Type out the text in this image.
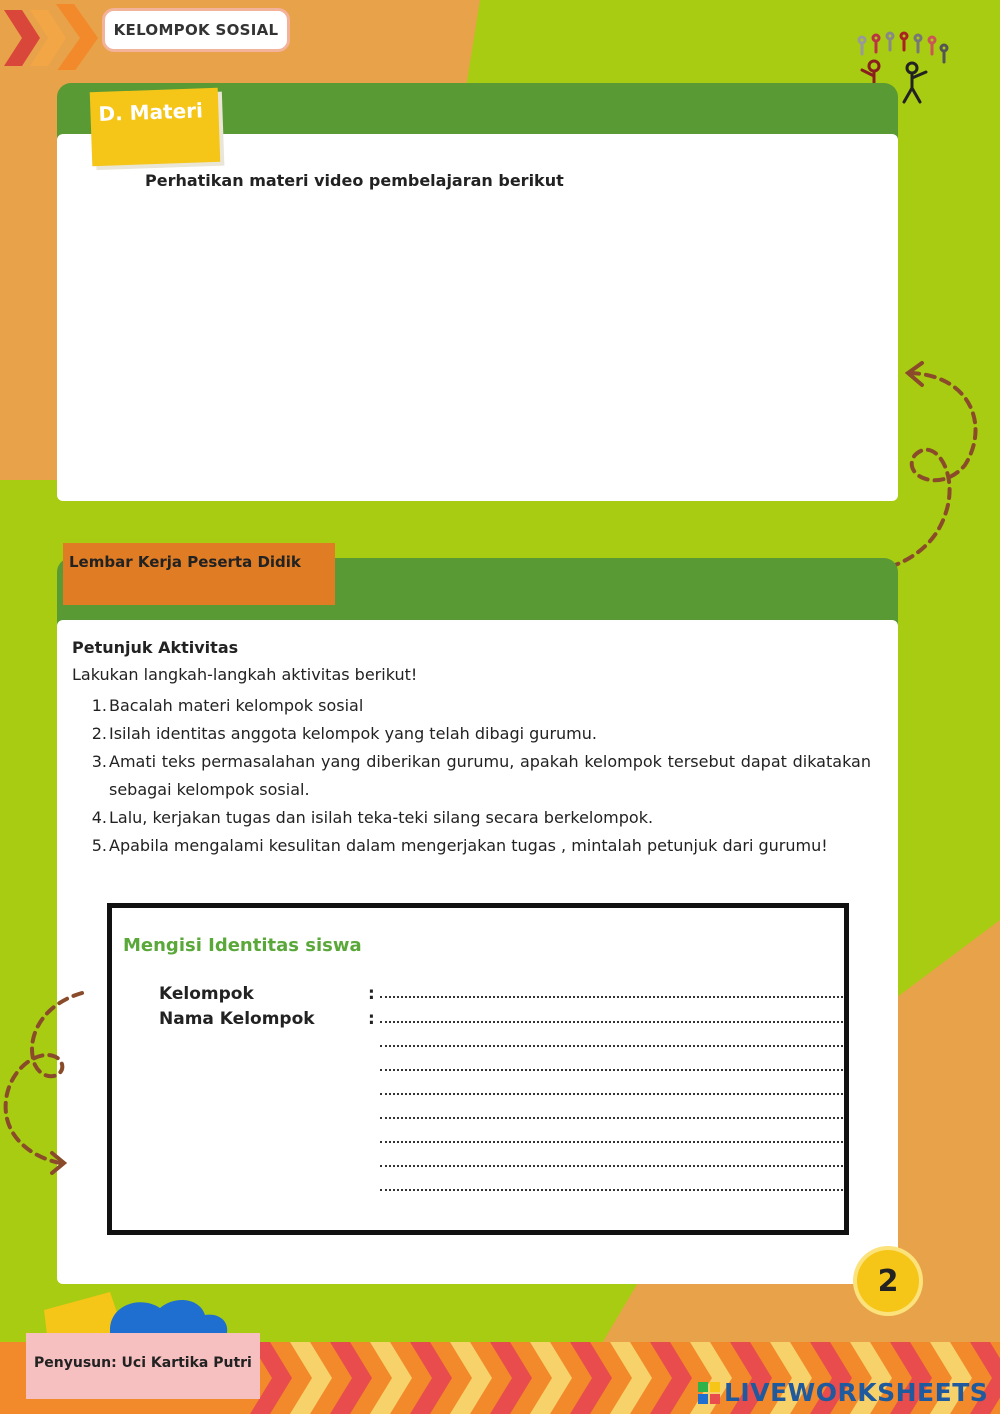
KELOMPOK SOSIAL
D. Materi
Perhatikan materi video pembelajaran berikut
Lembar Kerja Peserta Didik
Petunjuk Aktivitas
Lakukan langkah-langkah aktivitas berikut!
1. Bacalah materi kelompok sosial
2. Isilah identitas anggota kelompok yang telah dibagi gurumu.
3. Amati teks permasalahan yang diberikan gurumu, apakah kelompok tersebut dapat dikatakan sebagai kelompok sosial.
4. Lalu, kerjakan tugas dan isilah teka-teki silang secara berkelompok.
5. Apabila mengalami kesulitan dalam mengerjakan tugas , mintalah petunjuk dari gurumu!
Mengisi Identitas siswa
Kelompok	:
Nama Kelompok	:
2
Penyusun: Uci Kartika Putri
LIVEWORKSHEETS
